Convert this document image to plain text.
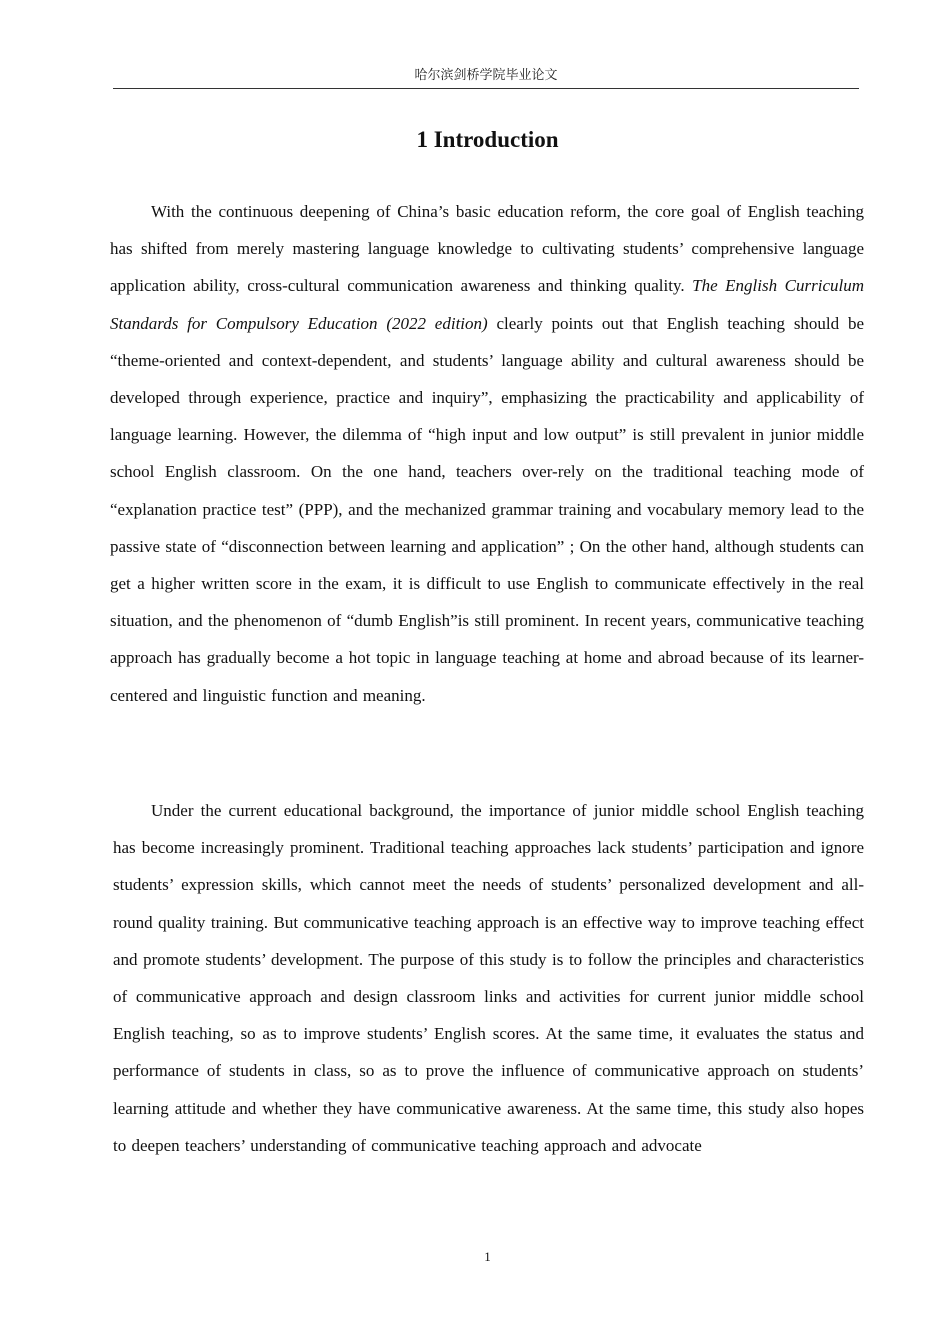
哈尔滨剑桥学院毕业论文
1 Introduction

With the continuous deepening of China’s basic education reform, the core goal of English teaching has shifted from merely mastering language knowledge to cultivating students’ comprehensive language application ability, cross-cultural communication awareness and thinking quality. The English Curriculum Standards for Compulsory Education (2022 edition) clearly points out that English teaching should be “theme-oriented and context-dependent, and students’ language ability and cultural awareness should be developed through experience, practice and inquiry”, emphasizing the practicability and applicability of language learning. However, the dilemma of “high input and low output” is still prevalent in junior middle school English classroom. On the one hand, teachers over-rely on the traditional teaching mode of “explanation practice test” (PPP), and the mechanized grammar training and vocabulary memory lead to the passive state of “disconnection between learning and application” ; On the other hand, although students can get a higher written score in the exam, it is difficult to use English to communicate effectively in the real situation, and the phenomenon of “dumb English”is still prominent. In recent years, communicative teaching approach has gradually become a hot topic in language teaching at home and abroad because of its learner-centered and linguistic function and meaning.

Under the current educational background, the importance of junior middle school English teaching has become increasingly prominent. Traditional teaching approaches lack students’ participation and ignore students’ expression skills, which cannot meet the needs of students’ personalized development and all-round quality training. But communicative teaching approach is an effective way to improve teaching effect and promote students’ development. The purpose of this study is to follow the principles and characteristics of communicative approach and design classroom links and activities for current junior middle school English teaching, so as to improve students’ English scores. At the same time, it evaluates the status and performance of students in class, so as to prove the influence of communicative approach on students’ learning attitude and whether they have communicative awareness. At the same time, this study also hopes to deepen teachers’ understanding of communicative teaching approach and advocate

1
